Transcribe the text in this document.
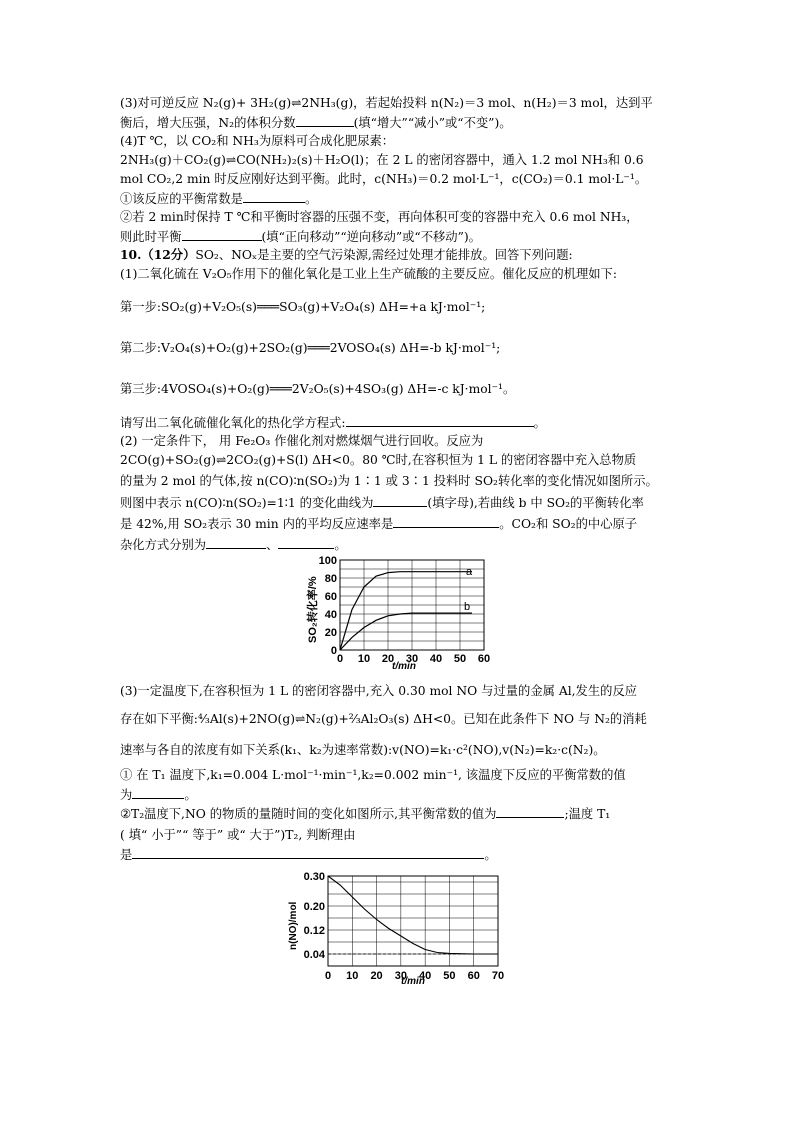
(3)对可逆反应 N₂(g)+ 3H₂(g)⇌2NH₃(g)，若起始投料 n(N₂)＝3 mol、n(H₂)＝3 mol，达到平
衡后，增大压强，N₂的体积分数	(填“增大”“减小”或“不变”)。
(4)T ℃，以 CO₂和 NH₃为原料可合成化肥尿素：
2NH₃(g)＋CO₂(g)⇌CO(NH₂)₂(s)＋H₂O(l)；在 2 L 的密闭容器中，通入 1.2 mol NH₃和 0.6
mol CO₂,2 min 时反应刚好达到平衡。此时，c(NH₃)＝0.2 mol·L⁻¹，c(CO₂)＝0.1 mol·L⁻¹。
①该反应的平衡常数是	。
②若 2 min时保持 T ℃和平衡时容器的压强不变，再向体积可变的容器中充入 0.6 mol NH₃，
则此时平衡	(填“正向移动”“逆向移动”或“不移动”)。
10.（12分）SO₂、NOₓ是主要的空气污染源,需经过处理才能排放。回答下列问题:
(1)二氧化硫在 V₂O₅作用下的催化氧化是工业上生产硫酸的主要反应。催化反应的机理如下:
第一步:SO₂(g)+V₂O₅(s)═══SO₃(g)+V₂O₄(s) ΔH=+a kJ·mol⁻¹;
第二步:V₂O₄(s)+O₂(g)+2SO₂(g)═══2VOSO₄(s) ΔH=-b kJ·mol⁻¹;
第三步:4VOSO₄(s)+O₂(g)═══2V₂O₅(s)+4SO₃(g) ΔH=-c kJ·mol⁻¹。
请写出二氧化硫催化氧化的热化学方程式:	。
(2) 一定条件下， 用 Fe₂O₃ 作催化剂对燃煤烟气进行回收。反应为
2CO(g)+SO₂(g)⇌2CO₂(g)+S(l) ΔH<0。80 ℃时,在容积恒为 1 L 的密闭容器中充入总物质
的量为 2 mol 的气体,按 n(CO)∶n(SO₂)为 1∶1 或 3∶1 投料时 SO₂转化率的变化情况如图所示。
则图中表示 n(CO)∶n(SO₂)=1∶1 的变化曲线为	(填字母),若曲线 b 中 SO₂的平衡转化率
是 42%,用 SO₂表示 30 min 内的平均反应速率是	。CO₂和 SO₂的中心原子
杂化方式分别为	、	。
0 10 20 30 40 50 60
0
20
40
60
80
100
a
b
SO₂转化率/%
t/min
(3)一定温度下,在容积恒为 1 L 的密闭容器中,充入 0.30 mol NO 与过量的金属 Al,发生的反应
存在如下平衡:⁴⁄₃Al(s)+2NO(g)⇌N₂(g)+²⁄₃Al₂O₃(s) ΔH<0。已知在此条件下 NO 与 N₂的消耗
速率与各自的浓度有如下关系(k₁、k₂为速率常数):v(NO)=k₁·c²(NO),v(N₂)=k₂·c(N₂)。
① 在 T₁ 温度下,k₁=0.004 L·mol⁻¹·min⁻¹,k₂=0.002 min⁻¹, 该温度下反应的平衡常数的值
为	。
②T₂温度下,NO 的物质的量随时间的变化如图所示,其平衡常数的值为	;温度 T₁
( 填“ 小于”“ 等于” 或“ 大于”)T₂, 判断理由
是	。
0 10 20 30 40 50 60 70
0.30
0.20
0.12
0.04
n(NO)/mol
t/min
